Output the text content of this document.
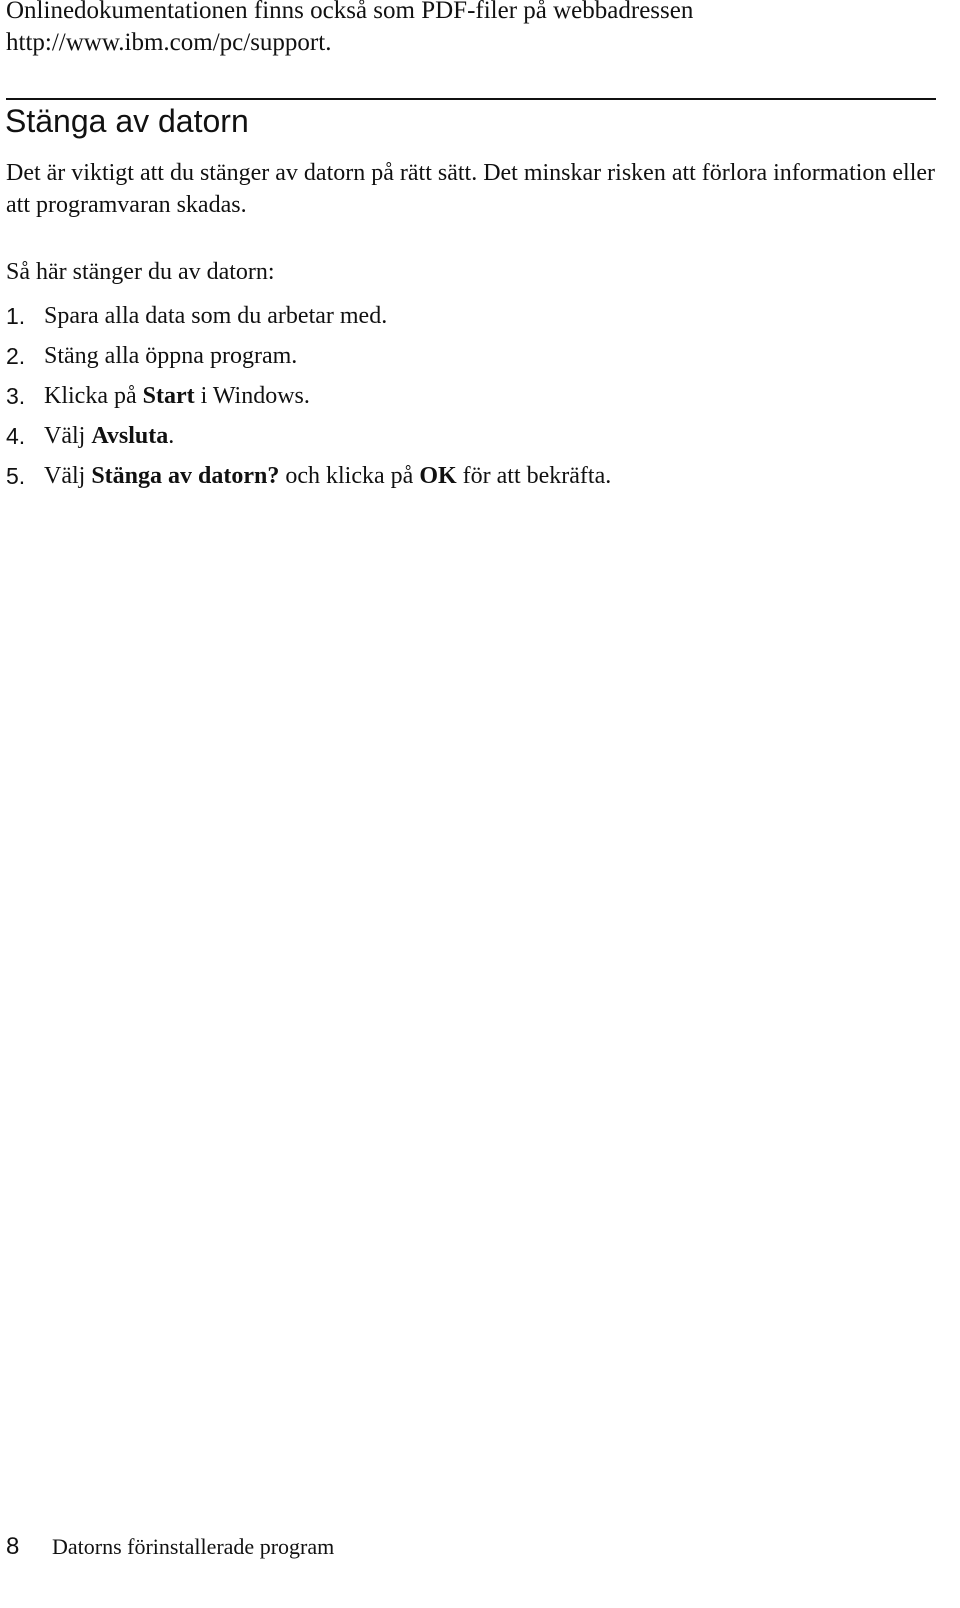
Onlinedokumentationen finns också som PDF-filer på webbadressen
http://www.ibm.com/pc/support.
Stänga av datorn

Det är viktigt att du stänger av datorn på rätt sätt. Det minskar risken att förlora information eller att programvaran skadas.

Så här stänger du av datorn:

1. Spara alla data som du arbetar med.
2. Stäng alla öppna program.
3. Klicka på Start i Windows.
4. Välj Avsluta.
5. Välj Stänga av datorn? och klicka på OK för att bekräfta.
8	Datorns förinstallerade program
